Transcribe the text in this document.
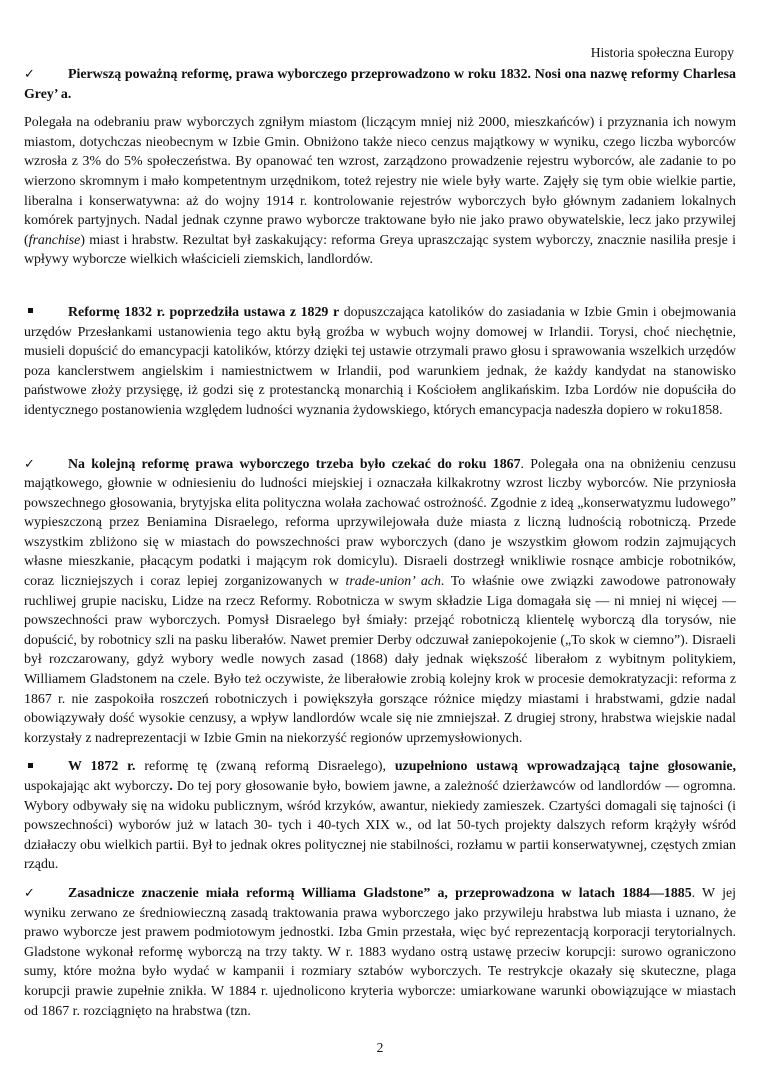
Historia społeczna Europy

✓ Pierwszą poważną reformę, prawa wyborczego przeprowadzono w roku 1832. Nosi ona nazwę reformy Charlesa Grey’ a.

Polegała na odebraniu praw wyborczych zgniłym miastom (liczącym mniej niż 2000, mieszkańców) i przyznania ich nowym miastom, dotychczas nieobecnym w Izbie Gmin. Obniżono także nieco cenzus majątkowy w wyniku, czego liczba wyborców wzrosła z 3% do 5% społeczeństwa. By opanować ten wzrost, zarządzono prowadzenie rejestru wyborców, ale zadanie to po wierzono skromnym i mało kompetentnym urzędnikom, toteż rejestry nie wiele były warte. Zajęły się tym obie wielkie partie, liberalna i konserwatywna: aż do wojny 1914 r. kontrolowanie rejestrów wyborczych było głównym zadaniem lokalnych komórek partyjnych. Nadal jednak czynne prawo wyborcze traktowane było nie jako prawo obywatelskie, lecz jako przywilej (franchise) miast i hrabstw. Rezultat był zaskakujący: reforma Greya upraszczając system wyborczy, znacznie nasiliła presje i wpływy wyborcze wielkich właścicieli ziemskich, landlordów.

Reformę 1832 r. poprzedziła ustawa z 1829 r dopuszczająca katolików do zasiadania w Izbie Gmin i obejmowania urzędów Przesłankami ustanowienia tego aktu byłą groźba w wybuch wojny domowej w Irlandii. Torysi, choć niechętnie, musieli dopuścić do emancypacji katolików, którzy dzięki tej ustawie otrzymali prawo głosu i sprawowania wszelkich urzędów poza kanclerstwem angielskim i namiestnictwem w Irlandii, pod warunkiem jednak, że każdy kandydat na stanowisko państwowe złoży przysięgę, iż godzi się z protestancką monarchią i Kościołem anglikańskim. Izba Lordów nie dopuściła do identycznego postanowienia względem ludności wyznania żydowskiego, których emancypacja nadeszła dopiero w roku1858.

✓ Na kolejną reformę prawa wyborczego trzeba było czekać do roku 1867. Polegała ona na obniżeniu cenzusu majątkowego, głownie w odniesieniu do ludności miejskiej i oznaczała kilkakrotny wzrost liczby wyborców. Nie przyniosła powszechnego głosowania, brytyjska elita polityczna wolała zachować ostrożność. Zgodnie z ideą „konserwatyzmu ludowego” wypieszczoną przez Beniamina Disraelego, reforma uprzywilejowała duże miasta z liczną ludnością robotniczą. Przede wszystkim zbliżono się w miastach do powszechności praw wyborczych (dano je wszystkim głowom rodzin zajmujących własne mieszkanie, płacącym podatki i mającym rok domicylu). Disraeli dostrzegł wnikliwie rosnące ambicje robotników, coraz liczniejszych i coraz lepiej zorganizowanych w trade-union’ ach. To właśnie owe związki zawodowe patronowały ruchliwej grupie nacisku, Lidze na rzecz Reformy. Robotnicza w swym składzie Liga domagała się — ni mniej ni więcej — powszechności praw wyborczych. Pomysł Disraelego był śmiały: przejąć robotniczą klientelę wyborczą dla torysów, nie dopuścić, by robotnicy szli na pasku liberałów. Nawet premier Derby odczuwał zaniepokojenie („To skok w ciemno”). Disraeli był rozczarowany, gdyż wybory wedle nowych zasad (1868) dały jednak większość liberałom z wybitnym politykiem, Williamem Gladstonem na czele. Było też oczywiste, że liberałowie zrobią kolejny krok w procesie demokratyzacji: reforma z 1867 r. nie zaspokoiła roszczeń robotniczych i powiększyła gorszące różnice między miastami i hrabstwami, gdzie nadal obowiązywały dość wysokie cenzusy, a wpływ landlordów wcale się nie zmniejszał. Z drugiej strony, hrabstwa wiejskie nadal korzystały z nadreprezentacji w Izbie Gmin na niekorzyść regionów uprzemysłowionych.

W 1872 r. reformę tę (zwaną reformą Disraelego), uzupełniono ustawą wprowadzającą tajne głosowanie, uspokajając akt wyborczy. Do tej pory głosowanie było, bowiem jawne, a zależność dzierżawców od landlordów — ogromna. Wybory odbywały się na widoku publicznym, wśród krzyków, awantur, niekiedy zamieszek. Czartyści domagali się tajności (i powszechności) wyborów już w latach 30- tych i 40-tych XIX w., od lat 50-tych projekty dalszych reform krążyły wśród działaczy obu wielkich partii. Był to jednak okres politycznej nie stabilności, rozłamu w partii konserwatywnej, częstych zmian rządu.

✓ Zasadnicze znaczenie miała reformą Williama Gladstone” a, przeprowadzona w latach 1884—1885. W jej wyniku zerwano ze średniowieczną zasadą traktowania prawa wyborczego jako przywileju hrabstwa lub miasta i uznano, że prawo wyborcze jest prawem podmiotowym jednostki. Izba Gmin przestała, więc być reprezentacją korporacji terytorialnych. Gladstone wykonał reformę wyborczą na trzy takty. W r. 1883 wydano ostrą ustawę przeciw korupcji: surowo ograniczono sumy, które można było wydać w kampanii i rozmiary sztabów wyborczych. Te restrykcje okazały się skuteczne, plaga korupcji prawie zupełnie znikła. W 1884 r. ujednolicono kryteria wyborcze: umiarkowane warunki obowiązujące w miastach od 1867 r. rozciągnięto na hrabstwa (tzn.

2
